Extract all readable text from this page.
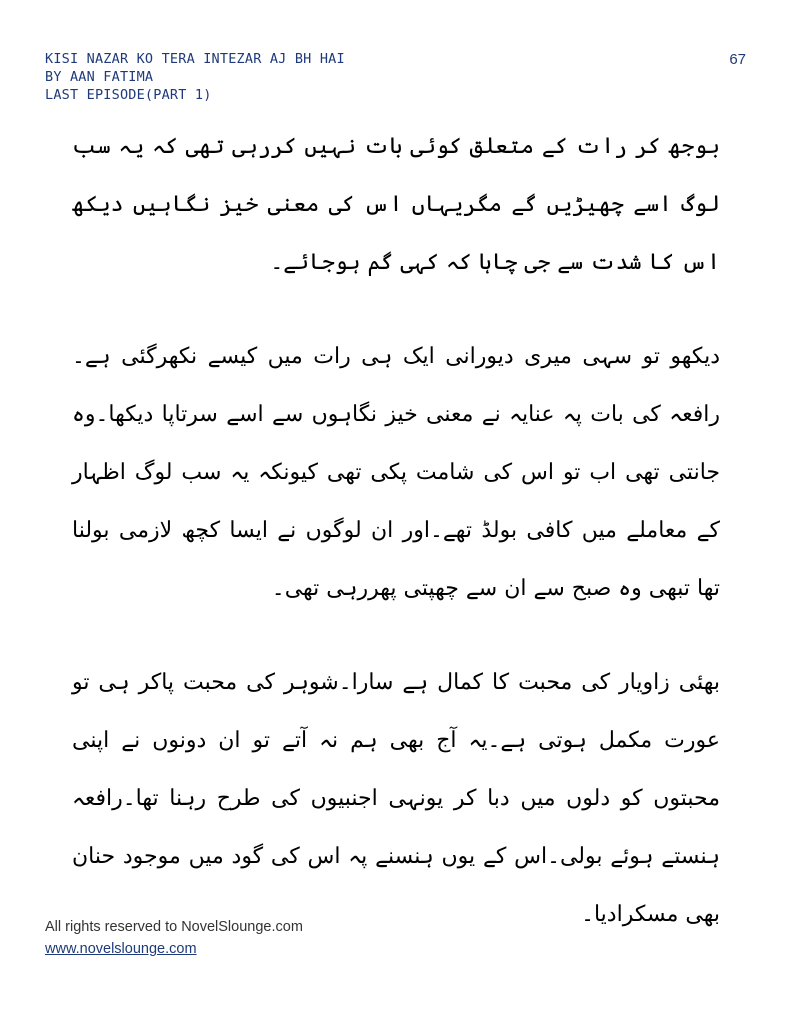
KISI NAZAR KO TERA INTEZAR AJ BH HAI
BY AAN FATIMA
LAST EPISODE(PART 1)
67

بوجھ کر رات کے متعلق کوئی بات نہیں کررہی تھی کہ یہ سب لوگ اسے چھیڑیں گے مگریہاں اس کی معنی خیز نگاہیں دیکھ اس کا شدت سے جی چاہا کہ کہی گم ہوجائے۔

دیکھو تو سہی میری دیورانی ایک ہی رات میں کیسے نکھرگئی ہے۔رافعہ کی بات پہ عنایہ نے معنی خیز نگاہوں سے اسے سرتاپا دیکھا۔وہ جانتی تھی اب تو اس کی شامت پکی تھی کیونکہ یہ سب لوگ اظہار کے معاملے میں کافی بولڈ تھے۔اور ان لوگوں نے ایسا کچھ لازمی بولنا تھا تبھی وہ صبح سے ان سے چھپتی پھررہی تھی۔

بھئی زاویار کی محبت کا کمال ہے سارا۔شوہر کی محبت پاکر ہی تو عورت مکمل ہوتی ہے۔یہ آج بھی ہم نہ آتے تو ان دونوں نے اپنی محبتوں کو دلوں میں دبا کر یونہی اجنبیوں کی طرح رہنا تھا۔رافعہ ہنستے ہوئے بولی۔اس کے یوں ہنسنے پہ اس کی گود میں موجود حنان بھی مسکرادیا۔

All rights reserved to NovelSlounge.com
www.novelslounge.com
